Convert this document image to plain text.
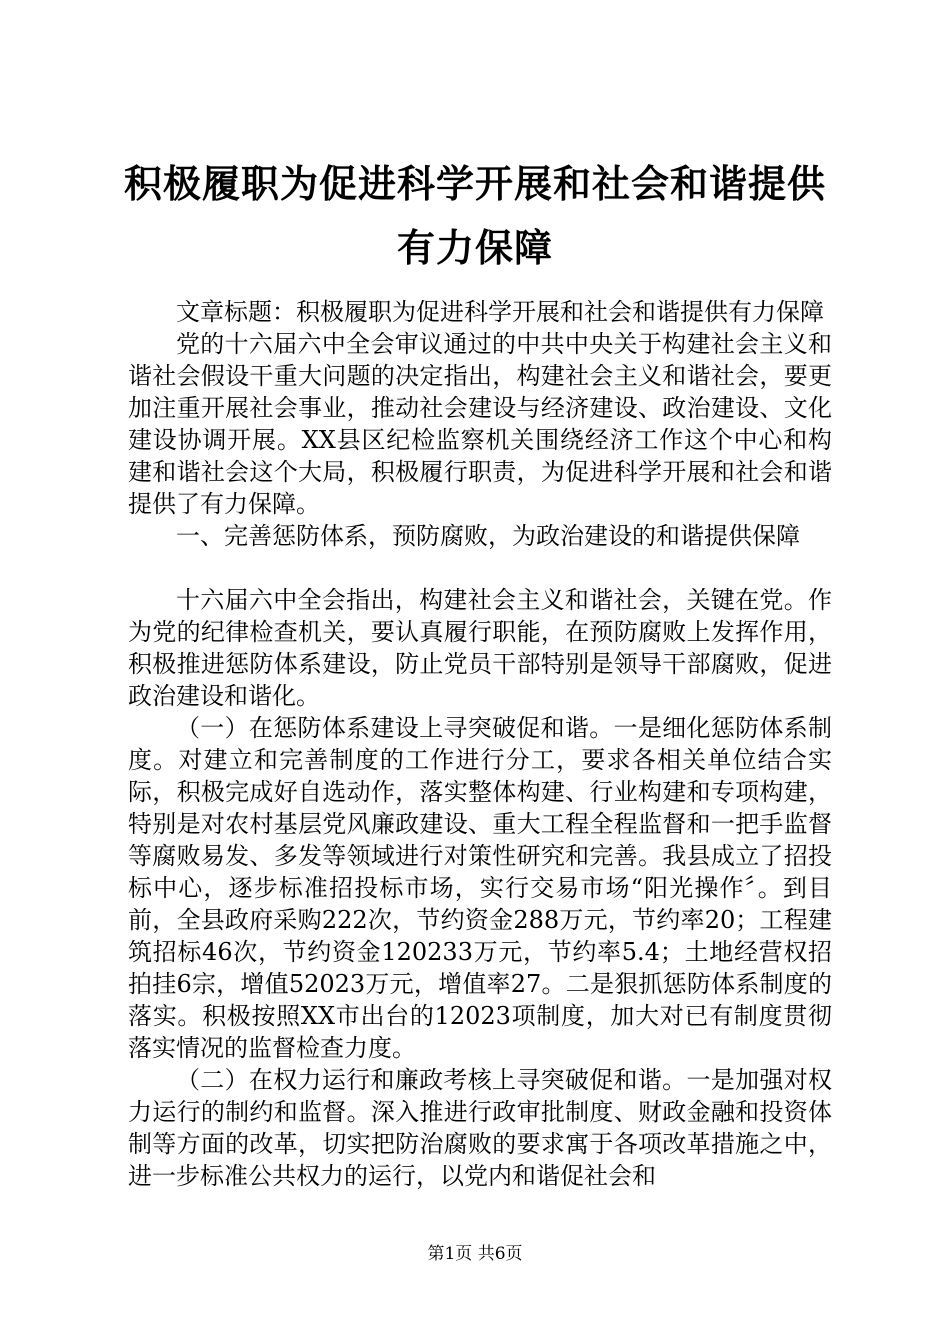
积极履职为促进科学开展和社会和谐提供有力保障

文章标题：积极履职为促进科学开展和社会和谐提供有力保障

党的十六届六中全会审议通过的中共中央关于构建社会主义和谐社会假设干重大问题的决定指出，构建社会主义和谐社会，要更加注重开展社会事业，推动社会建设与经济建设、政治建设、文化建设协调开展。XX县区纪检监察机关围绕经济工作这个中心和构建和谐社会这个大局，积极履行职责，为促进科学开展和社会和谐提供了有力保障。

一、完善惩防体系，预防腐败，为政治建设的和谐提供保障

十六届六中全会指出，构建社会主义和谐社会，关键在党。作为党的纪律检查机关，要认真履行职能，在预防腐败上发挥作用，积极推进惩防体系建设，防止党员干部特别是领导干部腐败，促进政治建设和谐化。

（一）在惩防体系建设上寻突破促和谐。一是细化惩防体系制度。对建立和完善制度的工作进行分工，要求各相关单位结合实际，积极完成好自选动作，落实整体构建、行业构建和专项构建，特别是对农村基层党风廉政建设、重大工程全程监督和一把手监督等腐败易发、多发等领域进行对策性研究和完善。我县成立了招投标中心，逐步标准招投标市场，实行交易市场“阳光操作〞。到目前，全县政府采购222次，节约资金288万元，节约率20；工程建筑招标46次，节约资金120233万元，节约率5.4；土地经营权招拍挂6宗，增值52023万元，增值率27。二是狠抓惩防体系制度的落实。积极按照XX市出台的12023项制度，加大对已有制度贯彻落实情况的监督检查力度。

（二）在权力运行和廉政考核上寻突破促和谐。一是加强对权力运行的制约和监督。深入推进行政审批制度、财政金融和投资体制等方面的改革，切实把防治腐败的要求寓于各项改革措施之中，进一步标准公共权力的运行，以党内和谐促社会和

第1页 共6页
